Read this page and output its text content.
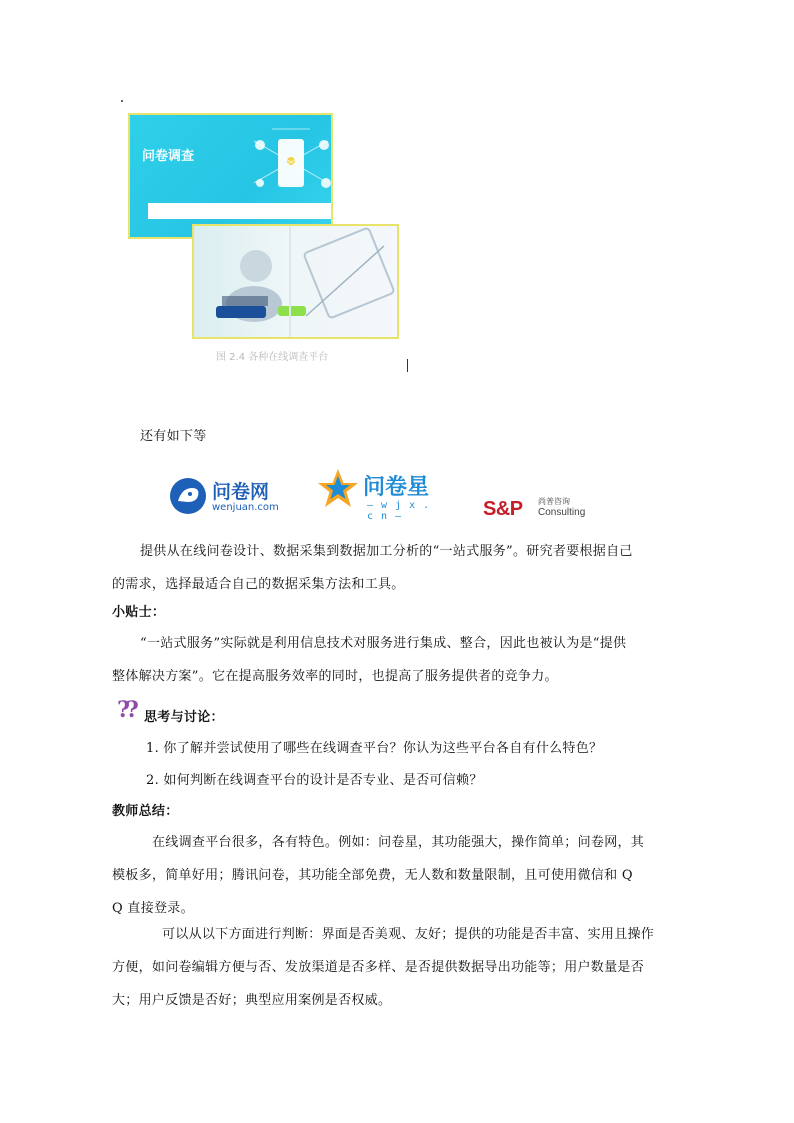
问卷调查
图 2.4 各种在线调查平台
还有如下等
问卷网
wenjuan.com
问卷星
— w j x . c n —	S&P 尚普咨询
Consulting
提供从在线问卷设计、数据采集到数据加工分析的“一站式服务”。研究者要根据自己
的需求，选择最适合自己的数据采集方法和工具。
小贴士：
“一站式服务”实际就是利用信息技术对服务进行集成、整合，因此也被认为是“提供
整体解决方案”。它在提高服务效率的同时，也提高了服务提供者的竞争力。
?? 思考与讨论：
1. 你了解并尝试使用了哪些在线调查平台？你认为这些平台各自有什么特色？
2. 如何判断在线调查平台的设计是否专业、是否可信赖？
教师总结：
在线调查平台很多，各有特色。例如：问卷星，其功能强大，操作简单；问卷网，其
模板多，简单好用；腾讯问卷，其功能全部免费，无人数和数量限制，且可使用微信和 Q
Q 直接登录。
可以从以下方面进行判断：界面是否美观、友好；提供的功能是否丰富、实用且操作
方便，如问卷编辑方便与否、发放渠道是否多样、是否提供数据导出功能等；用户数量是否
大；用户反馈是否好；典型应用案例是否权威。
